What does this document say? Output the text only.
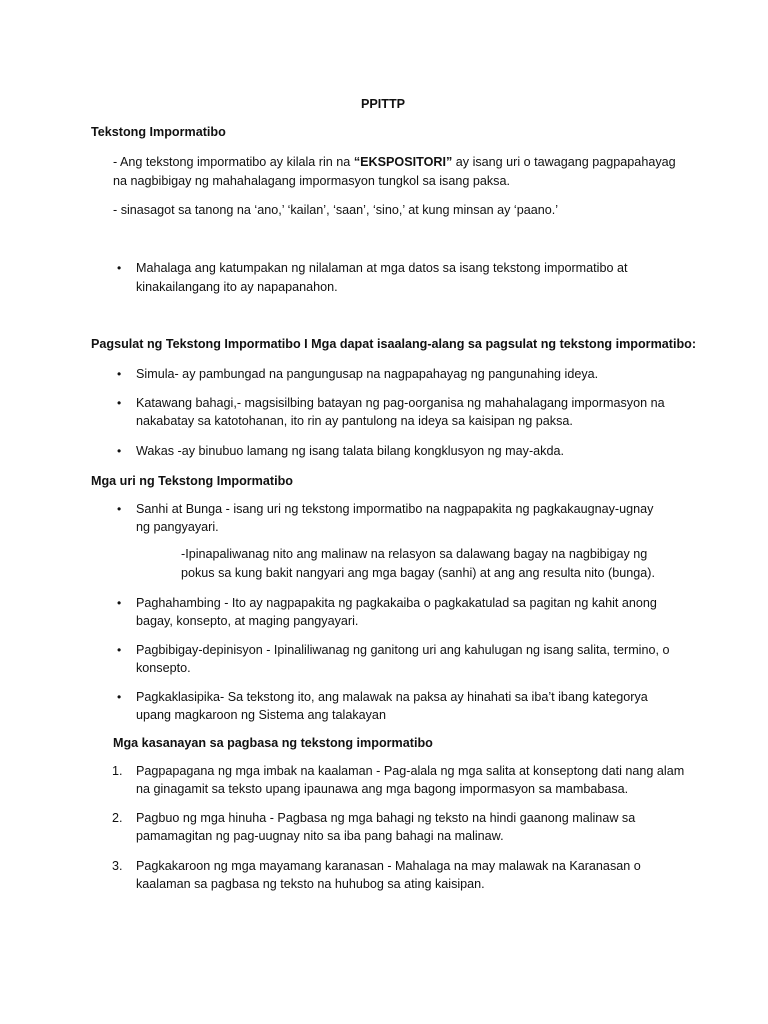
PPITTP
Tekstong Impormatibo
- Ang tekstong impormatibo ay kilala rin na “EKSPOSITORI” ay isang uri o tawagang pagpapahayag
na nagbibigay ng mahahalagang impormasyon tungkol sa isang paksa.
- sinasagot sa tanong na ‘ano,’ ‘kailan’, ‘saan’, ‘sino,’ at kung minsan ay ‘paano.’
• Mahalaga ang katumpakan ng nilalaman at mga datos sa isang tekstong impormatibo at
kinakailangang ito ay napapanahon.
Pagsulat ng Tekstong Impormatibo I Mga dapat isaalang-alang sa pagsulat ng tekstong impormatibo:
• Simula- ay pambungad na pangungusap na nagpapahayag ng pangunahing ideya.
• Katawang bahagi,- magsisilbing batayan ng pag-oorganisa ng mahahalagang impormasyon na
nakabatay sa katotohanan, ito rin ay pantulong na ideya sa kaisipan ng paksa.
• Wakas -ay binubuo lamang ng isang talata bilang kongklusyon ng may-akda.
Mga uri ng Tekstong Impormatibo
• Sanhi at Bunga - isang uri ng tekstong impormatibo na nagpapakita ng pagkakaugnay-ugnay
ng pangyayari.
-Ipinapaliwanag nito ang malinaw na relasyon sa dalawang bagay na nagbibigay ng
pokus sa kung bakit nangyari ang mga bagay (sanhi) at ang ang resulta nito (bunga).
• Paghahambing - Ito ay nagpapakita ng pagkakaiba o pagkakatulad sa pagitan ng kahit anong
bagay, konsepto, at maging pangyayari.
• Pagbibigay-depinisyon - Ipinaliliwanag ng ganitong uri ang kahulugan ng isang salita, termino, o
konsepto.
• Pagkaklasipika- Sa tekstong ito, ang malawak na paksa ay hinahati sa iba’t ibang kategorya
upang magkaroon ng Sistema ang talakayan
Mga kasanayan sa pagbasa ng tekstong impormatibo
1. Pagpapagana ng mga imbak na kaalaman - Pag-alala ng mga salita at konseptong dati nang alam
na ginagamit sa teksto upang ipaunawa ang mga bagong impormasyon sa mambabasa.
2. Pagbuo ng mga hinuha - Pagbasa ng mga bahagi ng teksto na hindi gaanong malinaw sa
pamamagitan ng pag-uugnay nito sa iba pang bahagi na malinaw.
3. Pagkakaroon ng mga mayamang karanasan - Mahalaga na may malawak na Karanasan o
kaalaman sa pagbasa ng teksto na huhubog sa ating kaisipan.
